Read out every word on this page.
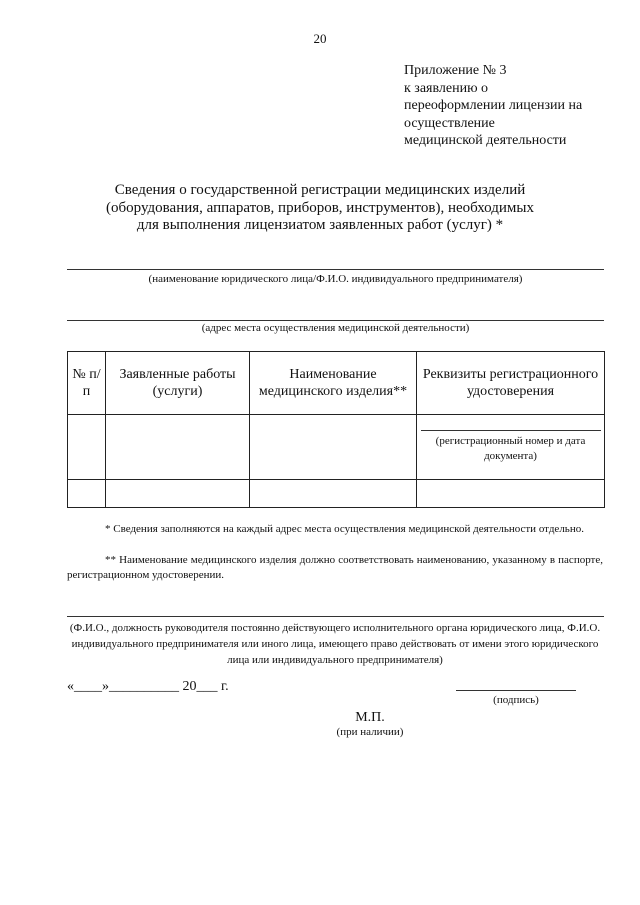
20
Приложение № 3
к заявлению о
переоформлении лицензии на
осуществление
медицинской деятельности
Сведения о государственной регистрации медицинских изделий
(оборудования, аппаратов, приборов, инструментов), необходимых
для выполнения лицензиатом заявленных работ (услуг) *
(наименование юридического лица/Ф.И.О. индивидуального предпринимателя)
(адрес места осуществления медицинской деятельности)
№ п/п	Заявленные работы (услуги)	Наименование медицинского изделия**	Реквизиты регистрационного удостоверения

			(регистрационный номер и дата документа)

* Сведения заполняются на каждый адрес места осуществления медицинской деятельности отдельно.
** Наименование медицинского изделия должно соответствовать наименованию, указанному в паспорте, регистрационном удостоверении.
(Ф.И.О., должность руководителя постоянно действующего исполнительного органа юридического лица, Ф.И.О. индивидуального предпринимателя или иного лица, имеющего право действовать от имени этого юридического лица или индивидуального предпринимателя)
«____»__________ 20___ г.
(подпись)
М.П.
(при наличии)
